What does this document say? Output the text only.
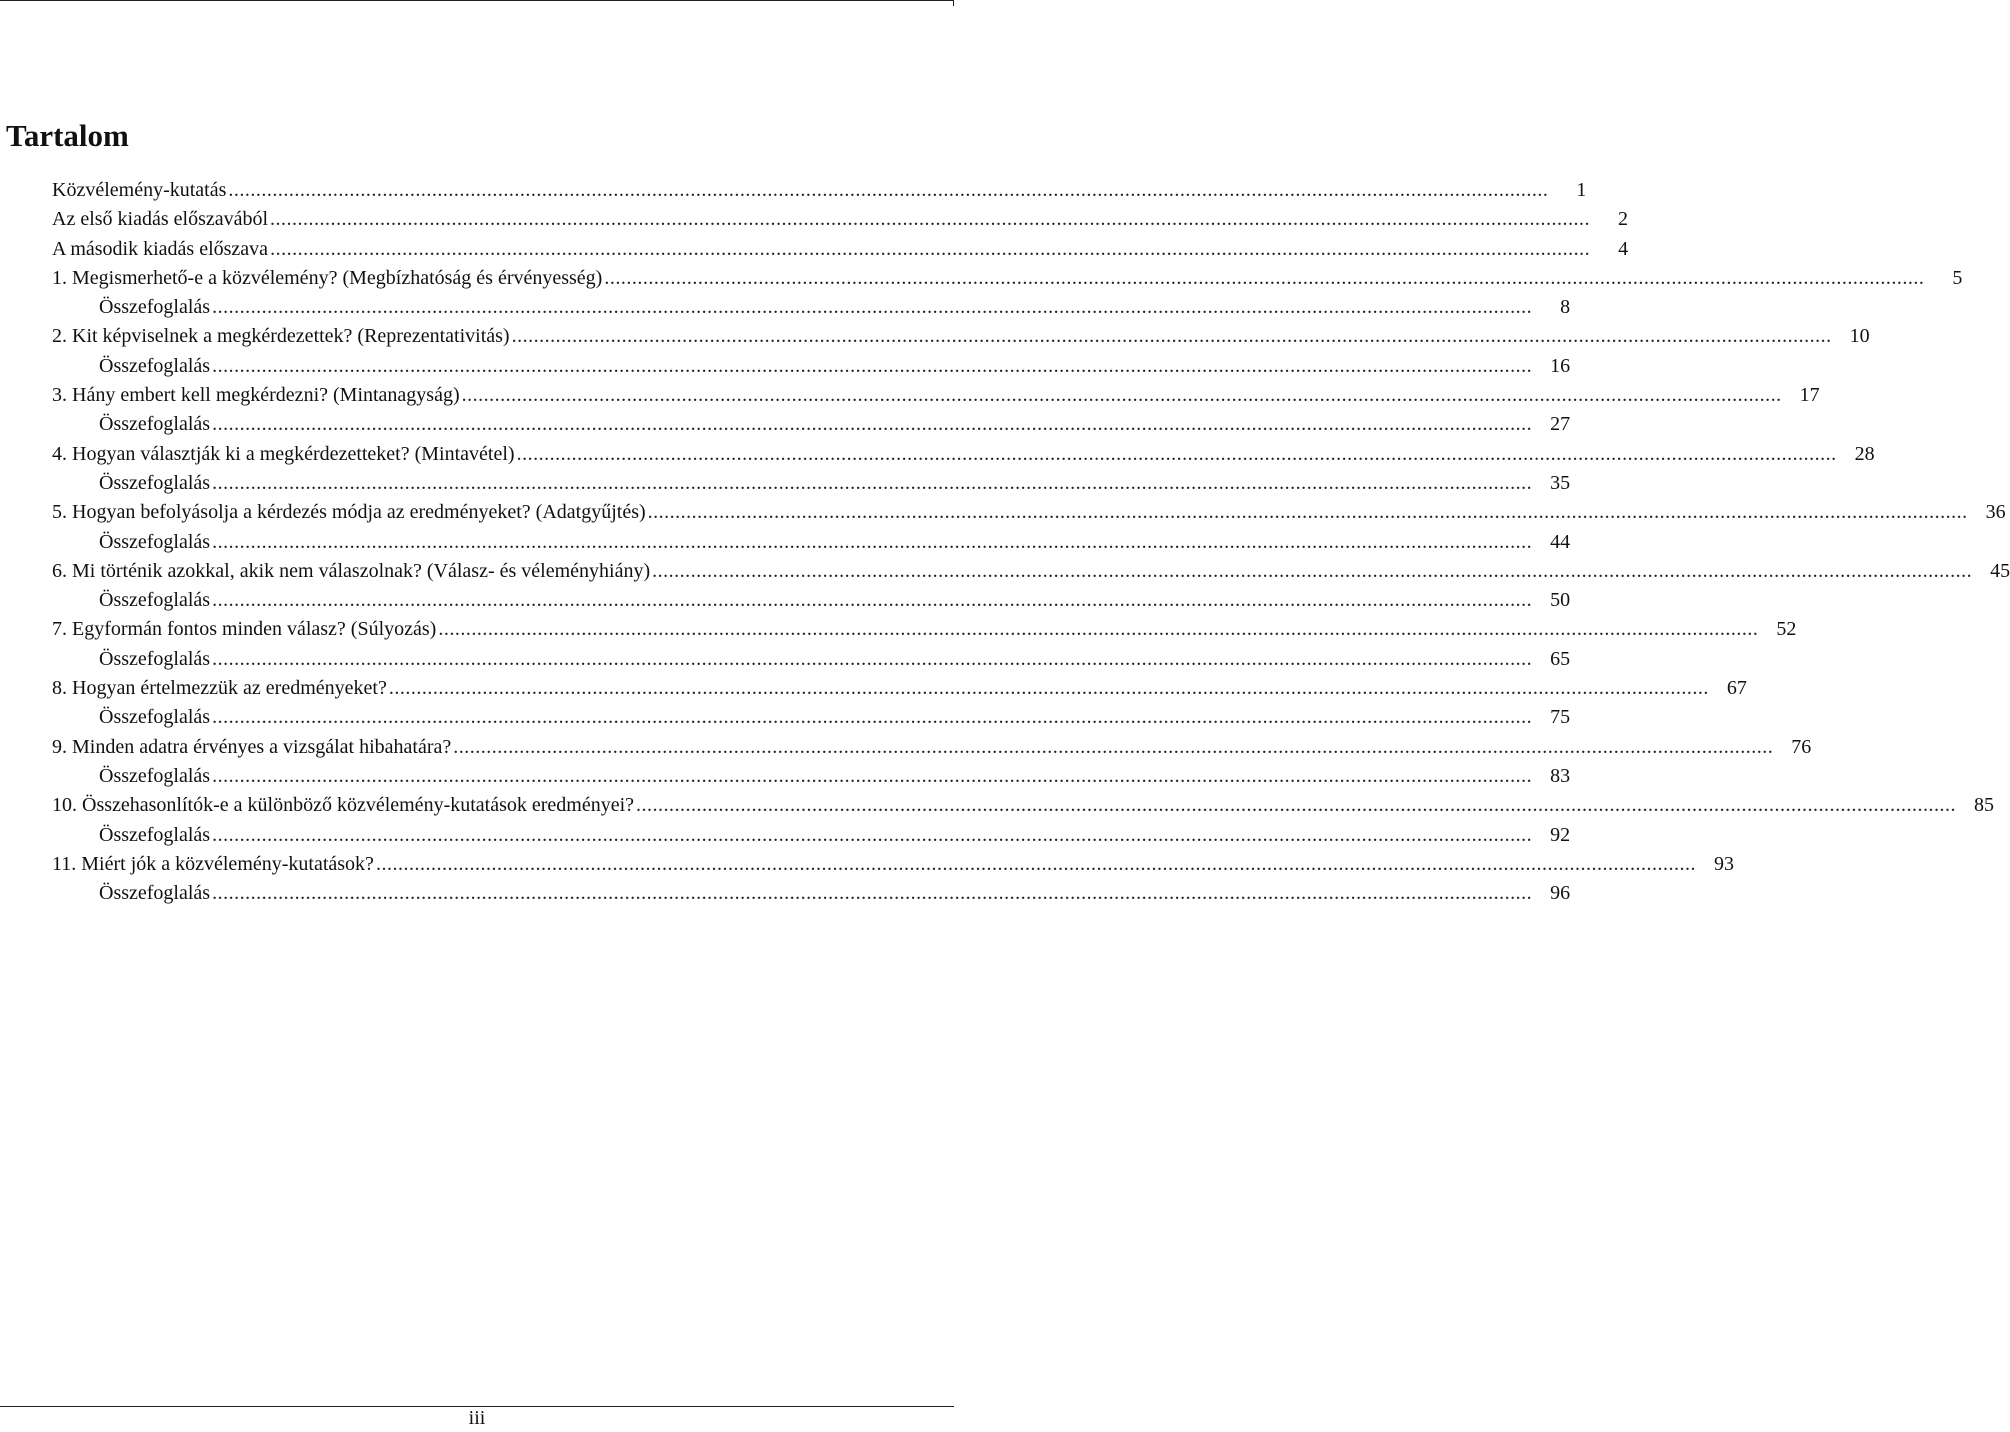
Tartalom
Közvélemény-kutatás ................................................................................................................................................................................................................................................	1
Az első kiadás előszavából ................................................................................................................................................................................................................................................	2
A második kiadás előszava ................................................................................................................................................................................................................................................	4
1. Megismerhető-e a közvélemény? (Megbízhatóság és érvényesség) ................................................................................................................................................................................................................................................	5
Összefoglalás ................................................................................................................................................................................................................................................	8
2. Kit képviselnek a megkérdezettek? (Reprezentativitás) ................................................................................................................................................................................................................................................ 10
Összefoglalás ................................................................................................................................................................................................................................................ 16
3. Hány embert kell megkérdezni? (Mintanagyság) ................................................................................................................................................................................................................................................ 17
Összefoglalás ................................................................................................................................................................................................................................................ 27
4. Hogyan választják ki a megkérdezetteket? (Mintavétel) ................................................................................................................................................................................................................................................ 28
Összefoglalás ................................................................................................................................................................................................................................................ 35
5. Hogyan befolyásolja a kérdezés módja az eredményeket? (Adatgyűjtés) ................................................................................................................................................................................................................................................ 36
Összefoglalás ................................................................................................................................................................................................................................................ 44
6. Mi történik azokkal, akik nem válaszolnak? (Válasz- és véleményhiány) ................................................................................................................................................................................................................................................ 45
Összefoglalás ................................................................................................................................................................................................................................................ 50
7. Egyformán fontos minden válasz? (Súlyozás) ................................................................................................................................................................................................................................................ 52
Összefoglalás ................................................................................................................................................................................................................................................ 65
8. Hogyan értelmezzük az eredményeket? ................................................................................................................................................................................................................................................ 67
Összefoglalás ................................................................................................................................................................................................................................................ 75
9. Minden adatra érvényes a vizsgálat hibahatára? ................................................................................................................................................................................................................................................ 76
Összefoglalás ................................................................................................................................................................................................................................................ 83
10. Összehasonlítók-e a különböző közvélemény-kutatások eredményei? ................................................................................................................................................................................................................................................ 85
Összefoglalás ................................................................................................................................................................................................................................................ 92
11. Miért jók a közvélemény-kutatások? ................................................................................................................................................................................................................................................ 93
Összefoglalás ................................................................................................................................................................................................................................................ 96
iii
